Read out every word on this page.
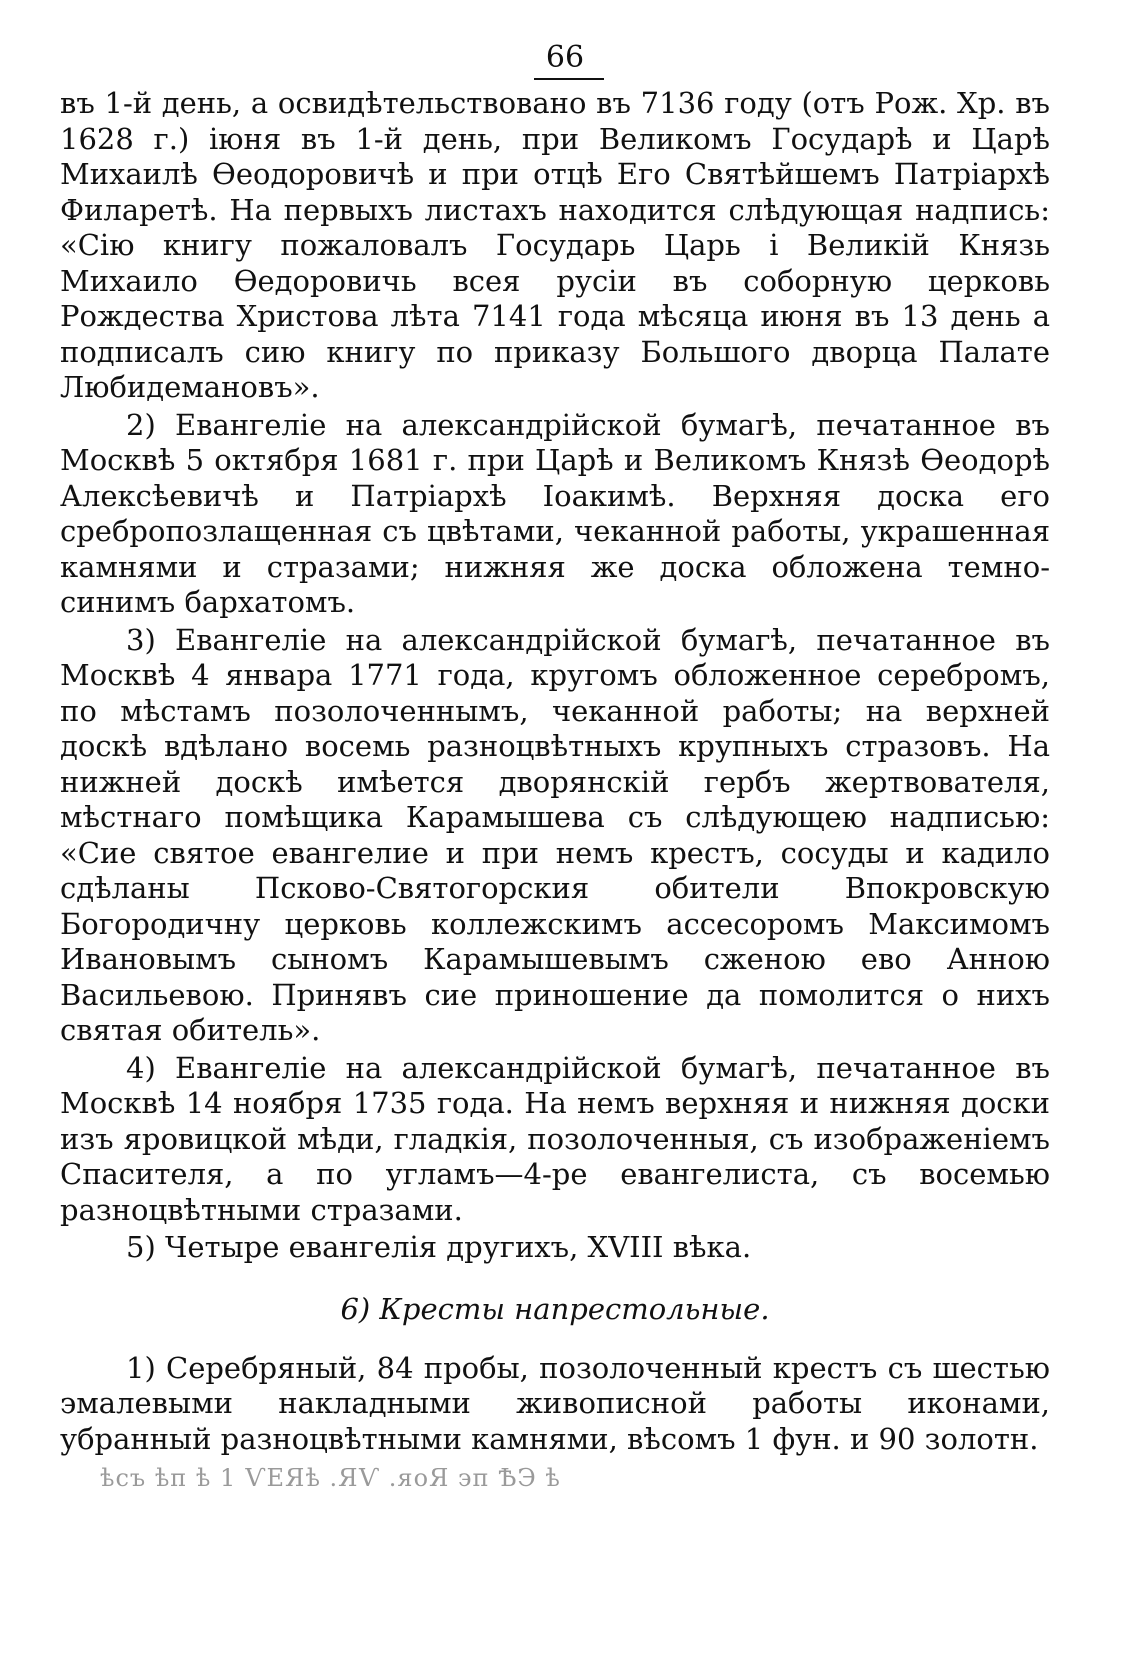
66

въ 1-й день, а освидѣтельствовано въ 7136 году (отъ Рож. Хр. въ 1628 г.) іюня въ 1-й день, при Великомъ Государѣ и Царѣ Михаилѣ Ѳеодоровичѣ и при отцѣ Его Святѣйшемъ Патріархѣ Филаретѣ. На первыхъ листахъ находится слѣдующая надпись: «Сію книгу пожаловалъ Государь Царь і Великій Князь Михаило Ѳедоровичь всея русіи въ соборную церковь Рождества Христова лѣта 7141 года мѣсяца июня въ 13 день а подписалъ сию книгу по приказу Большого дворца Палате Любидемановъ».

2) Евангеліе на александрійской бумагѣ, печатанное въ Москвѣ 5 октября 1681 г. при Царѣ и Великомъ Князѣ Ѳеодорѣ Алексѣевичѣ и Патріархѣ Іоакимѣ. Верхняя доска его сребропозлащенная съ цвѣтами, чеканной работы, украшенная камнями и стразами; нижняя же доска обложена темно-синимъ бархатомъ.

3) Евангеліе на александрійской бумагѣ, печатанное въ Москвѣ 4 январа 1771 года, кругомъ обложенное серебромъ, по мѣстамъ позолоченнымъ, чеканной работы; на верхней доскѣ вдѣлано восемь разноцвѣтныхъ крупныхъ стразовъ. На нижней доскѣ имѣется дворянскій гербъ жертвователя, мѣстнаго помѣщика Карамышева съ слѣдующею надписью: «Сие святое евангелие и при немъ крестъ, сосуды и кадило сдѣланы Псково-Святогорския обители Впокровскую Богородичну церковь коллежскимъ ассесоромъ Максимомъ Ивановымъ сыномъ Карамышевымъ сженою ево Анною Васильевою. Принявъ сие приношение да помолится о нихъ святая обитель».

4) Евангеліе на александрійской бумагѣ, печатанное въ Москвѣ 14 ноября 1735 года. На немъ верхняя и нижняя доски изъ яровицкой мѣди, гладкія, позолоченныя, съ изображеніемъ Спасителя, а по угламъ—4-ре евангелиста, съ восемью разноцвѣтными стразами.

5) Четыре евангелія другихъ, XVIII вѣка.

6) Кресты напрестольные.

1) Серебряный, 84 пробы, позолоченный крестъ съ шестью эмалевыми накладными живописной работы иконами, убранный разноцвѣтными камнями, вѣсомъ 1 фун. и 90 золотн.

ѣсъ ѣп ѣ 1 ѴЕЯѣ .ЯѴ .яоЯ эп ѢЭ ѣ
